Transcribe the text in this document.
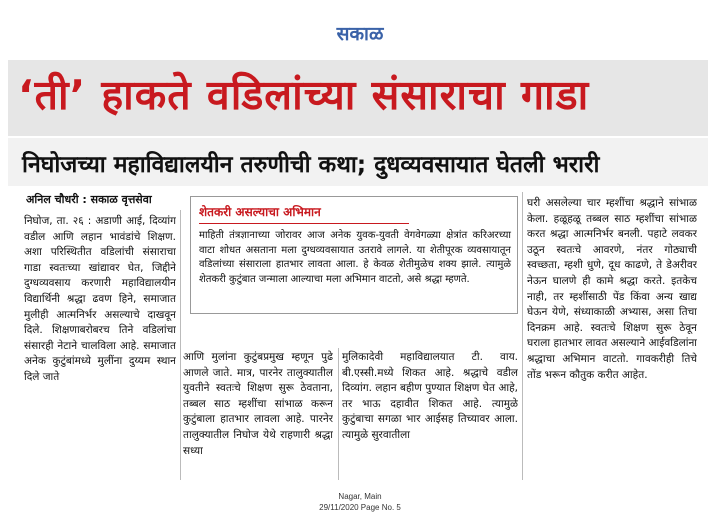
सकाळ
‘ती’ हाकते वडिलांच्या संसाराचा गाडा
निघोजच्या महाविद्यालयीन तरुणीची कथा; दुधव्यवसायात घेतली भरारी
अनिल चौधरी : सकाळ वृत्तसेवा
निघोज, ता. २६ : अडाणी आई, दिव्यांग वडील आणि लहान भावंडांचे शिक्षण. अशा परिस्थितीत वडिलांची संसाराचा गाडा स्वतःच्या खांद्यावर घेत, जिद्दीने दुग्धव्यवसाय करणारी महाविद्यालयीन विद्यार्थिनी श्रद्धा ढवण हिने, समाजात मुलीही आत्मनिर्भर असल्याचे दाखवून दिले. शिक्षणाबरोबरच तिने वडिलांचा संसारही नेटाने चालविला आहे. समाजात अनेक कुटुंबांमध्ये मुलींना दुय्यम स्थान दिले जाते
शेतकरी असल्याचा अभिमान
माहिती तंत्रज्ञानाच्या जोरावर आज अनेक युवक-युवती वेगवेगळ्या क्षेत्रांत करिअरच्या वाटा शोधत असताना मला दुग्धव्यवसायात उतरावे लागले. या शेतीपूरक व्यवसायातून वडिलांच्या संसाराला हातभार लावता आला. हे केवळ शेतीमुळेच शक्य झाले. त्यामुळे शेतकरी कुटुंबात जन्माला आल्याचा मला अभिमान वाटतो, असे श्रद्धा म्हणते.
आणि मुलांना कुटुंबप्रमुख म्हणून पुढे आणले जाते. मात्र, पारनेर तालुक्यातील युवतीने स्वतःचे शिक्षण सुरू ठेवताना, तब्बल साठ म्हशींचा सांभाळ करून कुटुंबाला हातभार लावला आहे. पारनेर तालुक्यातील निघोज येथे राहणारी श्रद्धा सध्या
मुलिकादेवी महाविद्यालयात टी. वाय. बी.एस्सी.मध्ये शिकत आहे. श्रद्धाचे वडील दिव्यांग. लहान बहीण पुण्यात शिक्षण घेत आहे, तर भाऊ दहावीत शिकत आहे. त्यामुळे कुटुंबाचा सगळा भार आईसह तिच्यावर आला. त्यामुळे सुरवातीला
घरी असलेल्या चार म्हशींचा श्रद्धाने सांभाळ केला. हळूहळू तब्बल साठ म्हशींचा सांभाळ करत श्रद्धा आत्मनिर्भर बनली. पहाटे लवकर उठून स्वतःचे आवरणे, नंतर गोठ्याची स्वच्छता, म्हशी धुणे, दूध काढणे, ते डेअरीवर नेऊन घालणे ही कामे श्रद्धा करते. इतकेच नाही, तर म्हशींसाठी पेंड किंवा अन्य खाद्य घेऊन येणे, संध्याकाळी अभ्यास, असा तिचा दिनक्रम आहे. स्वतःचे शिक्षण सुरू ठेवून घराला हातभार लावत असल्याने आईवडिलांना श्रद्धाचा अभिमान वाटतो. गावकरीही तिचे तोंड भरून कौतुक करीत आहेत.
Nagar, Main
29/11/2020 Page No. 5
